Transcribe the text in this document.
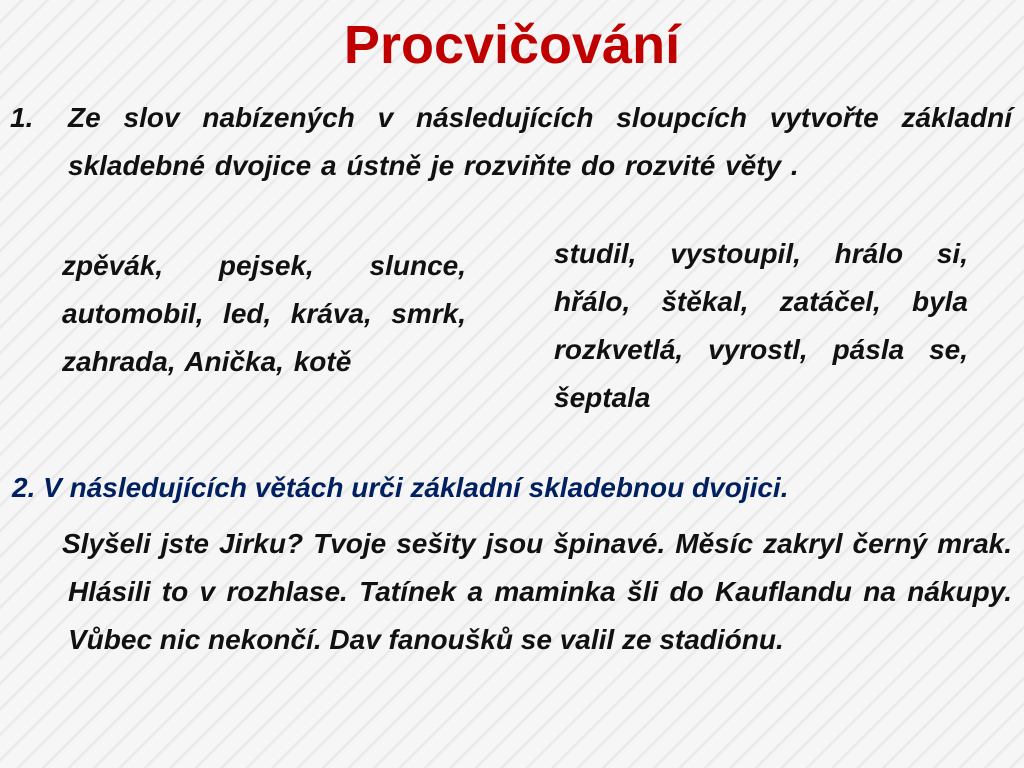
Procvičování
1. Ze slov nabízených v následujících sloupcích vytvořte základní skladebné dvojice a ústně je rozviňte do rozvité věty .

zpěvák, pejsek, slunce, automobil, led, kráva, smrk, zahrada, Anička, kotě

studil, vystoupil, hrálo si, hřálo, štěkal, zatáčel, byla rozkvetlá, vyrostl, pásla se, šeptala

2. V následujících větách urči základní skladebnou dvojici.

Slyšeli jste Jirku? Tvoje sešity jsou špinavé. Měsíc zakryl černý mrak. Hlásili to v rozhlase. Tatínek a maminka šli do Kauflandu na nákupy. Vůbec nic nekončí. Dav fanoušků se valil ze stadiónu.
